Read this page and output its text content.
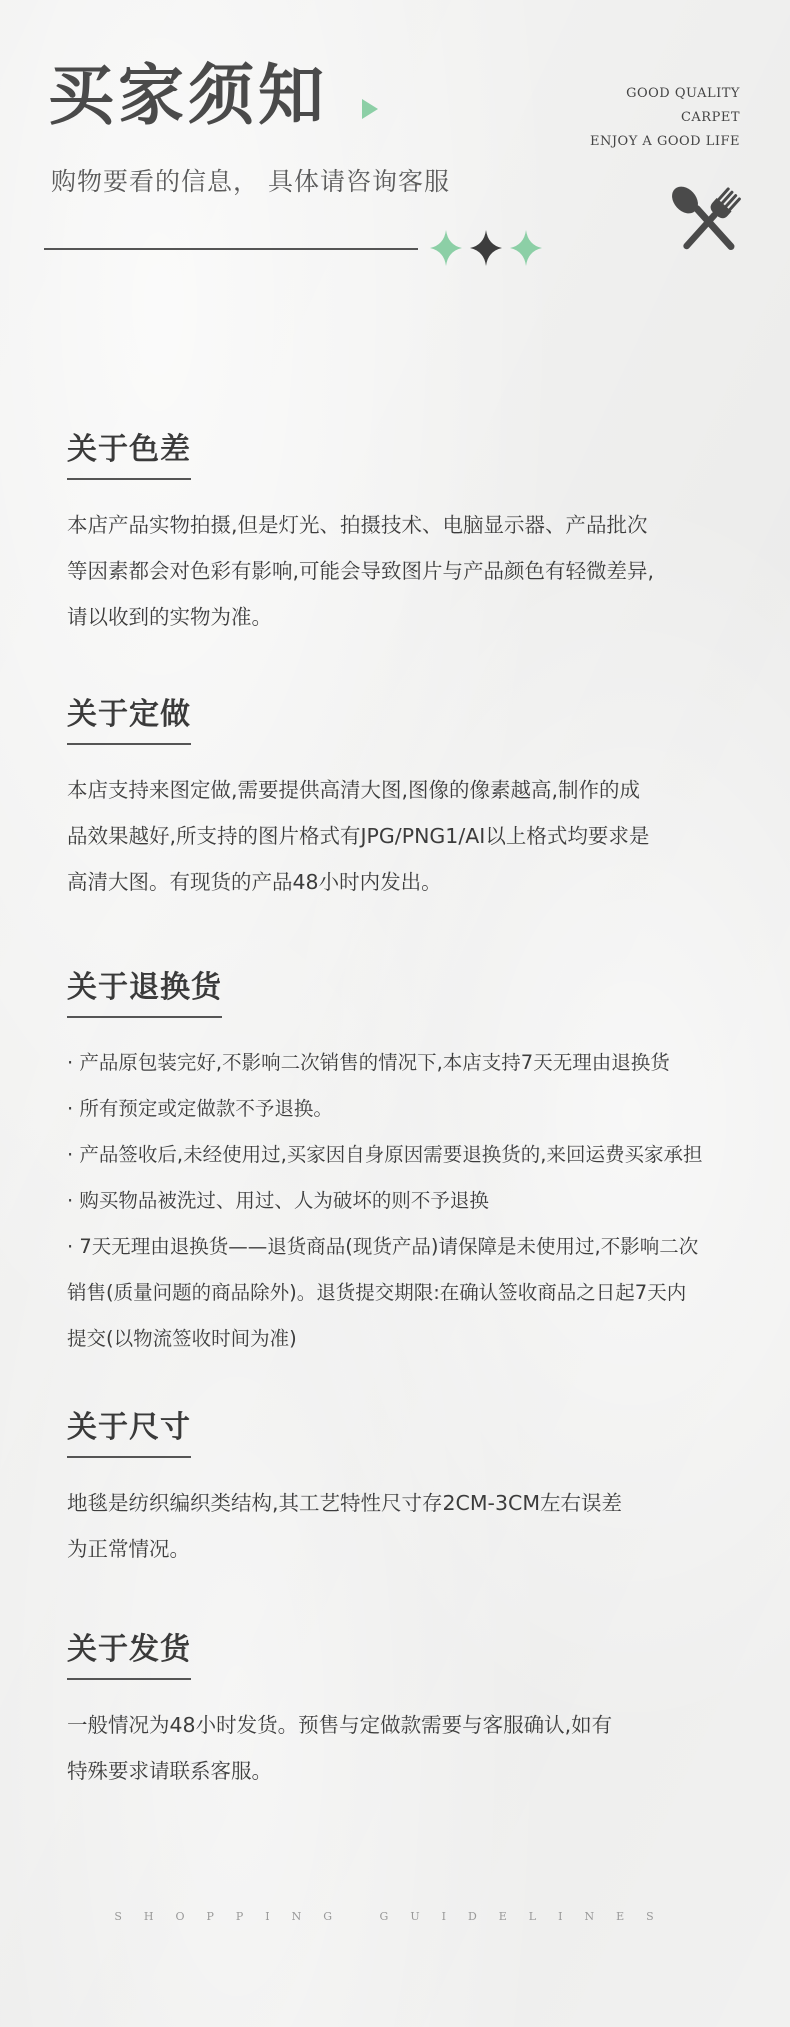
买家须知
购物要看的信息， 具体请咨询客服
GOOD QUALITY
CARPET
ENJOY A GOOD LIFE
关于色差

本店产品实物拍摄,但是灯光、拍摄技术、电脑显示器、产品批次

等因素都会对色彩有影响,可能会导致图片与产品颜色有轻微差异,

请以收到的实物为准。

关于定做

本店支持来图定做,需要提供高清大图,图像的像素越高,制作的成

品效果越好,所支持的图片格式有JPG/PNG1/AI以上格式均要求是

高清大图。有现货的产品48小时内发出。

关于退换货

· 产品原包装完好,不影响二次销售的情况下,本店支持7天无理由退换货

· 所有预定或定做款不予退换。

· 产品签收后,未经使用过,买家因自身原因需要退换货的,来回运费买家承担

· 购买物品被洗过、用过、人为破坏的则不予退换

· 7天无理由退换货——退货商品(现货产品)请保障是未使用过,不影响二次

销售(质量问题的商品除外)。退货提交期限:在确认签收商品之日起7天内

提交(以物流签收时间为准)

关于尺寸

地毯是纺织编织类结构,其工艺特性尺寸存2CM-3CM左右误差

为正常情况。

关于发货

一般情况为48小时发货。预售与定做款需要与客服确认,如有

特殊要求请联系客服。

SHOPPING GUIDELINES
